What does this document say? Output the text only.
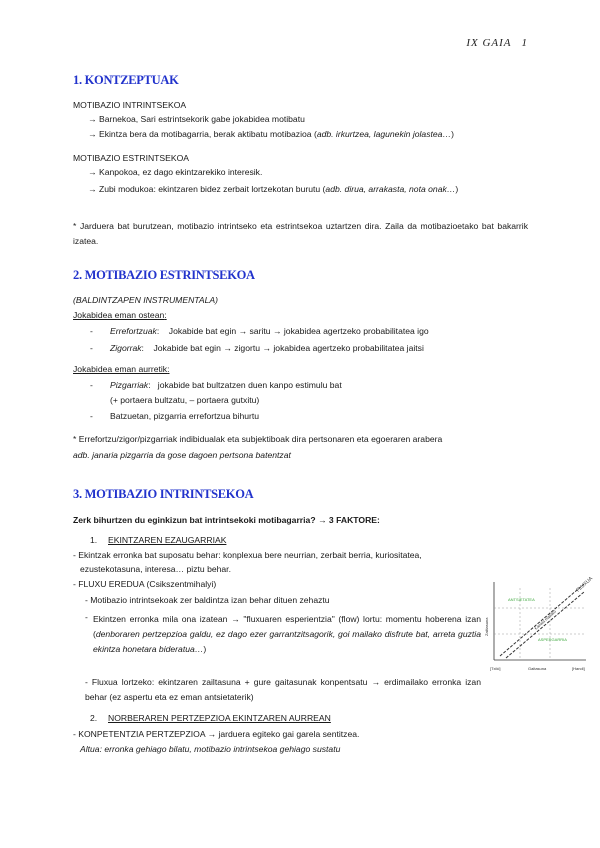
IX GAIA 1
1. KONTZEPTUAK
MOTIBAZIO INTRINTSEKOA
→ Barnekoa, Sari estrintsekorik gabe jokabidea motibatu
→ Ekintza bera da motibagarria, berak aktibatu motibazioa (adb. irkurtzea, lagunekin jolastea…)
MOTIBAZIO ESTRINTSEKOA
→ Kanpokoa, ez dago ekintzarekiko interesik.
→ Zubi modukoa: ekintzaren bidez zerbait lortzekotan burutu (adb. dirua, arrakasta, nota onak…)
* Jarduera bat burutzean, motibazio intrintseko eta estrintsekoa uztartzen dira. Zaila da motibazioetako bat bakarrik izatea.
2. MOTIBAZIO ESTRINTSEKOA
(BALDINTZAPEN INSTRUMENTALA)
Jokabidea eman ostean:
- Errefortzuak:    Jokabide bat egin → saritu → jokabidea agertzeko probabilitatea igo
- Zigorrak:    Jokabide bat egin → zigortu → jokabidea agertzeko probabilitatea jaitsi
Jokabidea eman aurretik:
- Pizgarriak:   jokabide bat bultzatzen duen kanpo estimulu bat
(+ portaera bultzatu, – portaera gutxitu)
- Batzuetan, pizgarria errefortzua bihurtu
* Errefortzu/zigor/pizgarriak indibidualak eta subjektiboak dira pertsonaren eta egoeraren arabera
adb. janaria pizgarria da gose dagoen pertsona batentzat
3. MOTIBAZIO INTRINTSEKOA
Zerk bihurtzen du eginkizun bat intrintsekoki motibagarria? → 3 FAKTORE:
1. EKINTZAREN EZAUGARRIAK
- Ekintzak erronka bat suposatu behar: konplexua bere neurrian, zerbait berria, kuriositatea,
ezustekotasuna, interesa… piztu behar.
- FLUXU EREDUA (Csikszentmihalyi)
- Motibazio intrintsekoak zer baldintza izan behar dituen zehaztu
- Ekintzen erronka mila ona izatean → "fluxuaren esperientzia" (flow) lortu: momentu hoberena izan (denboraren pertzepzioa galdu, ez dago ezer garrantzitsagorik, goi mailako disfrute bat, arreta guztia ekintza honetara bideratua…)
- Fluxua lortzeko: ekintzaren zailtasuna + gure gaitasunak konpentsatu → erdimailako erronka izan behar (ez aspertu eta ez eman antsietaterik)
2. NORBERAREN PERTZEPZIOA EKINTZAREN AURREAN
- KONPETENTZIA PERTZEPZIOA → jarduera egiteko gai garela sentitzea.
Altua: erronka gehiago bilatu, motibazio intrintsekoa gehiago sustatu
FLUXUA
Kanala mailako
ANTSIETATEA
ASPERGARRIA
Zailtasuna
[Txiki]	Gaitasuna	[Handi]
